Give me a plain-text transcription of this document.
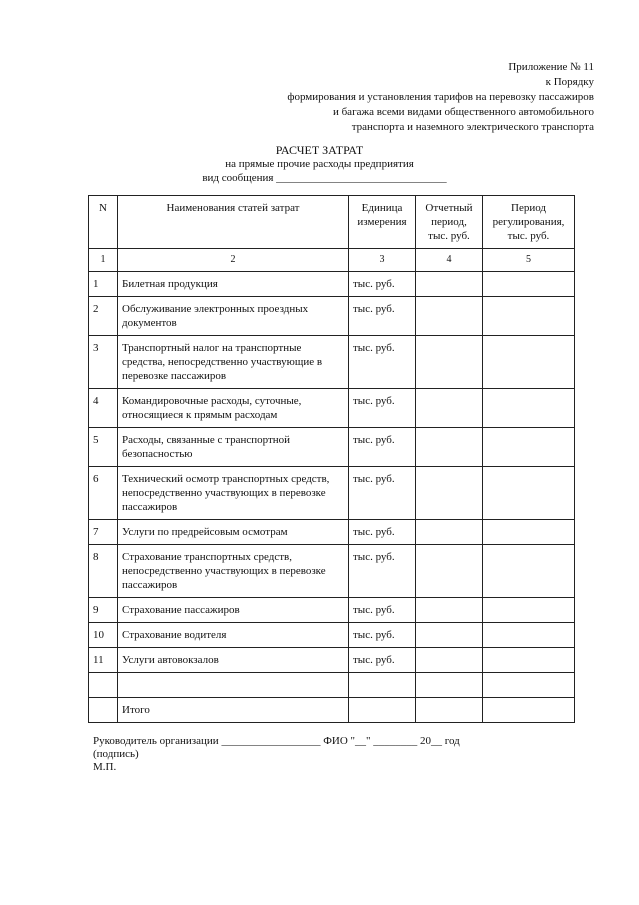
Приложение № 11
к Порядку
формирования и установления тарифов на перевозку пассажиров
и багажа всеми видами общественного автомобильного
транспорта и наземного электрического транспорта
РАСЧЕТ ЗАТРАТ
на прямые прочие расходы предприятия
вид сообщения _______________________________
N	Наименования статей затрат	Единица измерения	Отчетный период, тыс. руб.	Период регулирования, тыс. руб.
1	2	3	4	5
1	Билетная продукция	тыс. руб.		
2	Обслуживание электронных проездных документов	тыс. руб.		
3	Транспортный налог на транспортные средства, непосредственно участвующие в перевозке пассажиров	тыс. руб.		
4	Командировочные расходы, суточные, относящиеся к прямым расходам	тыс. руб.		
5	Расходы, связанные с транспортной безопасностью	тыс. руб.		
6	Технический осмотр транспортных средств, непосредственно участвующих в перевозке пассажиров	тыс. руб.		
7	Услуги по предрейсовым осмотрам	тыс. руб.		
8	Страхование транспортных средств, непосредственно участвующих в перевозке пассажиров	тыс. руб.		
9	Страхование пассажиров	тыс. руб.		
10	Страхование водителя	тыс. руб.		
11	Услуги автовокзалов	тыс. руб.		

	Итого			
Руководитель организации __________________ ФИО "__" ________ 20__ год
(подпись)
М.П.
